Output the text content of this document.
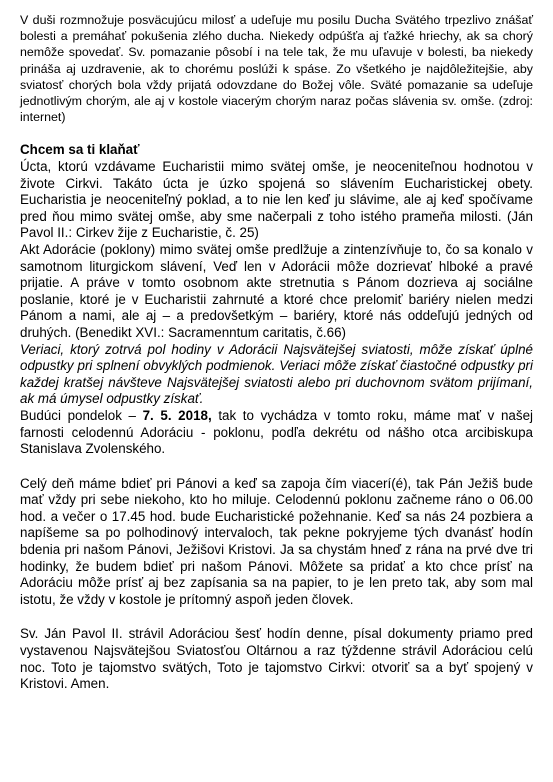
V duši rozmnožuje posväcujúcu milosť a udeľuje mu posilu Ducha Svätého trpezlivo znášať bolesti a premáhať pokušenia zlého ducha. Niekedy odpúšťa aj ťažké hriechy, ak sa chorý nemôže spovedať. Sv. pomazanie pôsobí i na tele tak, že mu uľavuje v bolesti, ba niekedy prináša aj uzdravenie, ak to chorému poslúži k spáse. Zo všetkého je najdôležitejšie, aby sviatosť chorých bola vždy prijatá odovzdane do Božej vôle. Sväté pomazanie sa udeľuje jednotlivým chorým, ale aj v kostole viacerým chorým naraz počas slávenia sv. omše. (zdroj: internet)

Chcem sa ti klaňať

Úcta, ktorú vzdávame Eucharistii mimo svätej omše, je neoceniteľnou hodnotou v živote Cirkvi. Takáto úcta je úzko spojená so slávením Eucharistickej obety. Eucharistia je neoceniteľný poklad, a to nie len keď ju slávime, ale aj keď spočívame pred ňou mimo svätej omše, aby sme načerpali z toho istého prameňa milosti. (Ján Pavol II.: Cirkev žije z Eucharistie, č. 25)

Akt Adorácie (poklony) mimo svätej omše predlžuje a zintenzívňuje to, čo sa konalo v samotnom liturgickom slávení, Veď len v Adorácii môže dozrievať hlboké a pravé prijatie. A práve v tomto osobnom akte stretnutia s Pánom dozrieva aj sociálne poslanie, ktoré je v Eucharistii zahrnuté a ktoré chce prelomiť bariéry nielen medzi Pánom a nami, ale aj – a predovšetkým – bariéry, ktoré nás oddeľujú jedných od druhých. (Benedikt XVI.: Sacramenntum caritatis, č.66)

Veriaci, ktorý zotrvá pol hodiny v Adorácii Najsvätejšej sviatosti, môže získať úplné odpustky pri splnení obvyklých podmienok. Veriaci môže získať čiastočné odpustky pri každej kratšej návšteve Najsvätejšej sviatosti alebo pri duchovnom svätom prijímaní, ak má úmysel odpustky získať.

Budúci pondelok – 7. 5. 2018, tak to vychádza v tomto roku, máme mať v našej farnosti celodennú Adoráciu - poklonu, podľa dekrétu od nášho otca arcibiskupa Stanislava Zvolenského.

Celý deň máme bdieť pri Pánovi a keď sa zapoja čím viacerí(é), tak Pán Ježiš bude mať vždy pri sebe niekoho, kto ho miluje. Celodennú poklonu začneme ráno o 06.00 hod. a večer o 17.45 hod. bude Eucharistické požehnanie. Keď sa nás 24 pozbiera a napíšeme sa po polhodinový intervaloch, tak pekne pokryjeme tých dvanásť hodín bdenia pri našom Pánovi, Ježišovi Kristovi. Ja sa chystám hneď z rána na prvé dve tri hodinky, že budem bdieť pri našom Pánovi. Môžete sa pridať a kto chce prísť na Adoráciu môže prísť aj bez zapísania sa na papier, to je len preto tak, aby som mal istotu, že vždy v kostole je prítomný aspoň jeden človek.

Sv. Ján Pavol II. strávil Adoráciou šesť hodín denne, písal dokumenty priamo pred vystavenou Najsvätejšou Sviatosťou Oltárnou a raz týždenne strávil Adoráciou celú noc. Toto je tajomstvo svätých, Toto je tajomstvo Cirkvi: otvoriť sa a byť spojený v Kristovi. Amen.
